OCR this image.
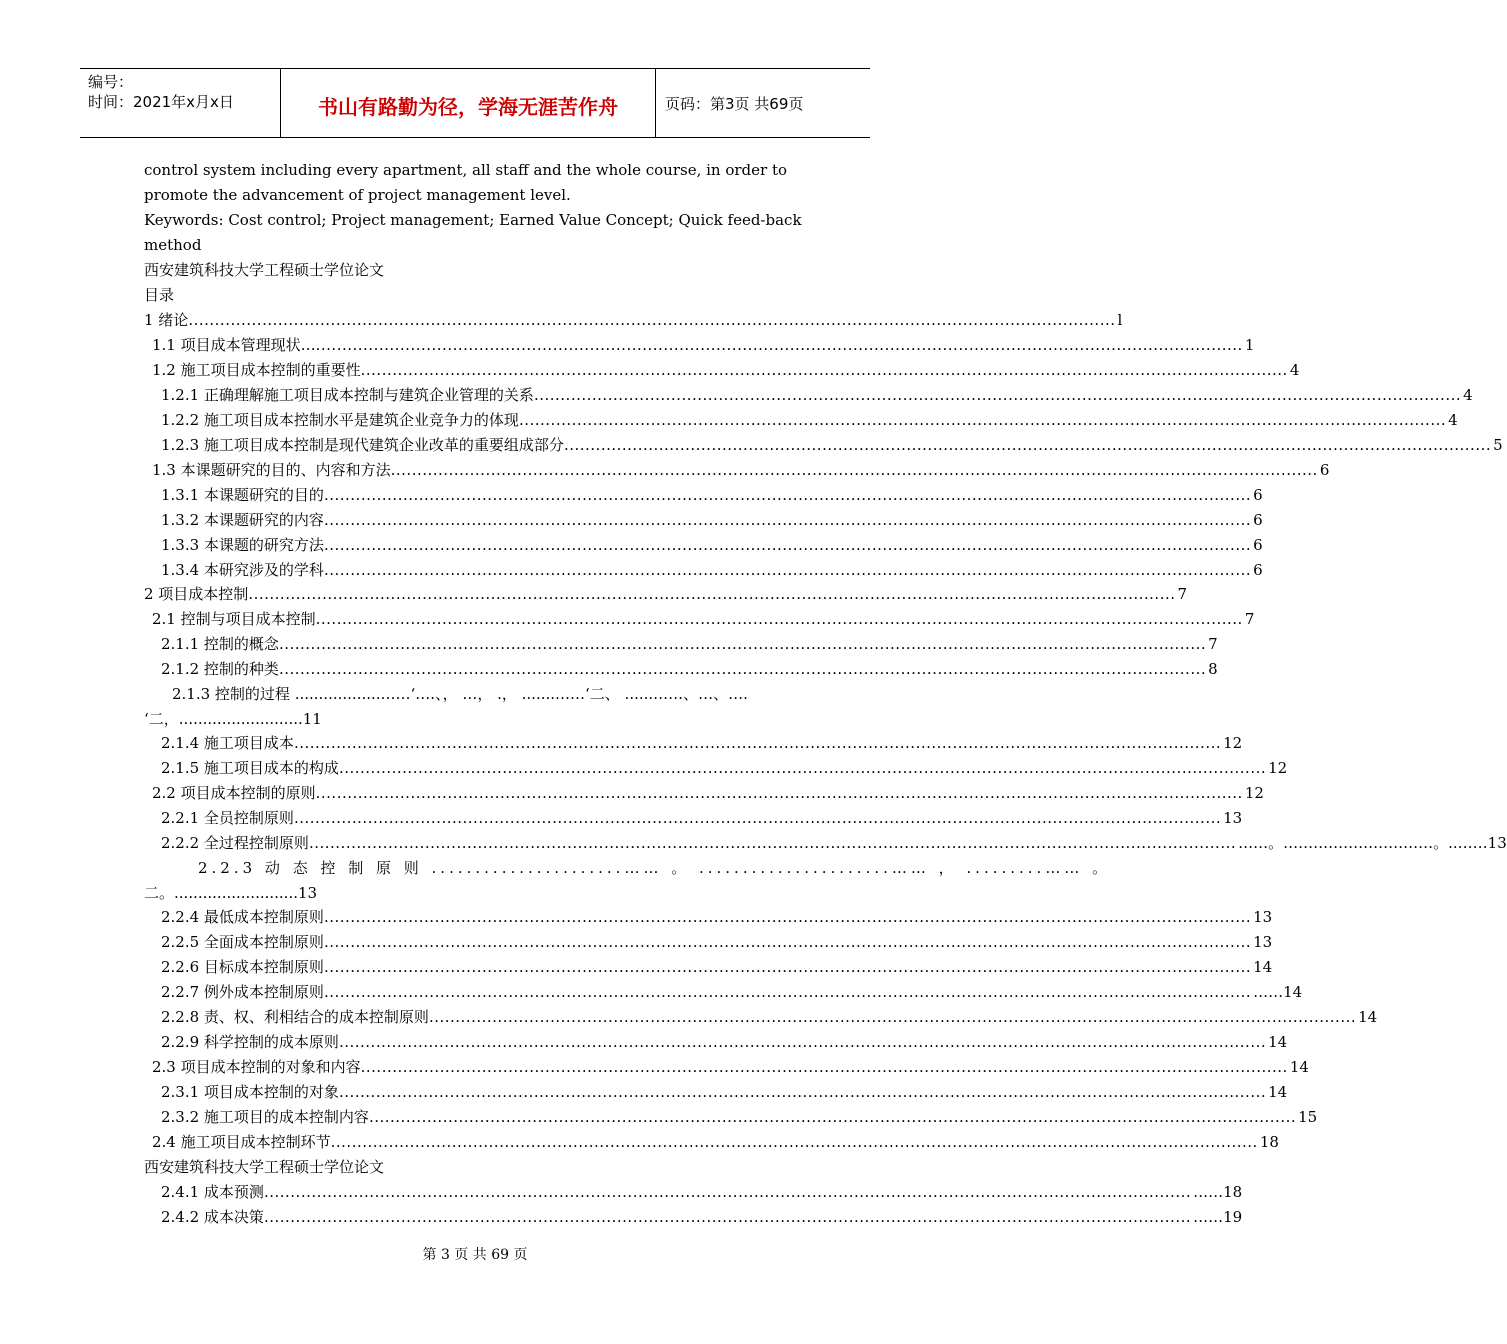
编号：
时间：2021年x月x日	书山有路勤为径，学海无涯苦作舟	页码：第3页 共69页
control system including every apartment, all staff and the whole course, in order to
promote the advancement of project management level.
Keywords: Cost control; Project management; Earned Value Concept; Quick feed-back
method
西安建筑科技大学工程硕士学位论文
目录
1 绪论 ................................................................................................................................................................................ l
1.1 项目成本管理现状… ................................................................................................................................................................................ 1
1.2 施工项目成本控制的重要性 ................................................................................................................................................................................ 4
1.2.1 正确理解施工项目成本控制与建筑企业管理的关系 ................................................................................................................................................................................ 4
1.2.2 施工项目成本控制水平是建筑企业竞争力的体现 ................................................................................................................................................................................ 4
1.2.3 施工项目成本控制是现代建筑企业改革的重要组成部分 ................................................................................................................................................................................ 5
1.3 本课题研究的目的、内容和方法 ................................................................................................................................................................................ 6
1.3.1 本课题研究的目的 ................................................................................................................................................................................ 6
1.3.2 本课题研究的内容 ................................................................................................................................................................................ 6
1.3.3 本课题的研究方法 ................................................................................................................................................................................ 6
1.3.4 本研究涉及的学科 ................................................................................................................................................................................ 6
2 项目成本控制 ................................................................................................................................................................................ 7
2.1 控制与项目成本控制 ................................................................................................................................................................................ 7
2.1.1 控制的概念 ................................................................................................................................................................................ 7
2.1.2 控制的种类 ................................................................................................................................................................................ 8
2.1.3 控制的过程 ..................……‘….、， …， .， .......……‘二、 ......……、…、….
‘二，..........................11
2.1.4 施工项目成本 ................................................................................................................................................................................ 12
2.1.5 施工项目成本的构成 ................................................................................................................................................................................ 12
2.2 项目成本控制的原则 ................................................................................................................................................................................ 12
2.2.1 全员控制原则 ................................................................................................................................................................................ 13
2.2.2 全过程控制原则 ................................................................................................................................................................................ ……。…………………………。..……13
2.2.3 动 态 控 制 原 则 ......................…… 。 ......................…… ， .........…… 。
二。..........................13
2.2.4 最低成本控制原则 ................................................................................................................................................................................ 13
2.2.5 全面成本控制原则 ................................................................................................................................................................................ 13
2.2.6 目标成本控制原则 ................................................................................................................................................................................ 14
2.2.7 例外成本控制原则 ................................................................................................................................................................................ ……14
2.2.8 责、权、利相结合的成本控制原则 ................................................................................................................................................................................ 14
2.2.9 科学控制的成本原则 ................................................................................................................................................................................ 14
2.3 项目成本控制的对象和内容 ................................................................................................................................................................................ 14
2.3.1 项目成本控制的对象 ................................................................................................................................................................................ 14
2.3.2 施工项目的成本控制内容 ................................................................................................................................................................................ 15
2.4 施工项目成本控制环节 ................................................................................................................................................................................ 18
西安建筑科技大学工程硕士学位论文
2.4.1 成本预测 ................................................................................................................................................................................ ……18
2.4.2 成本决策 ................................................................................................................................................................................ ……19
第 3 页 共 69 页
